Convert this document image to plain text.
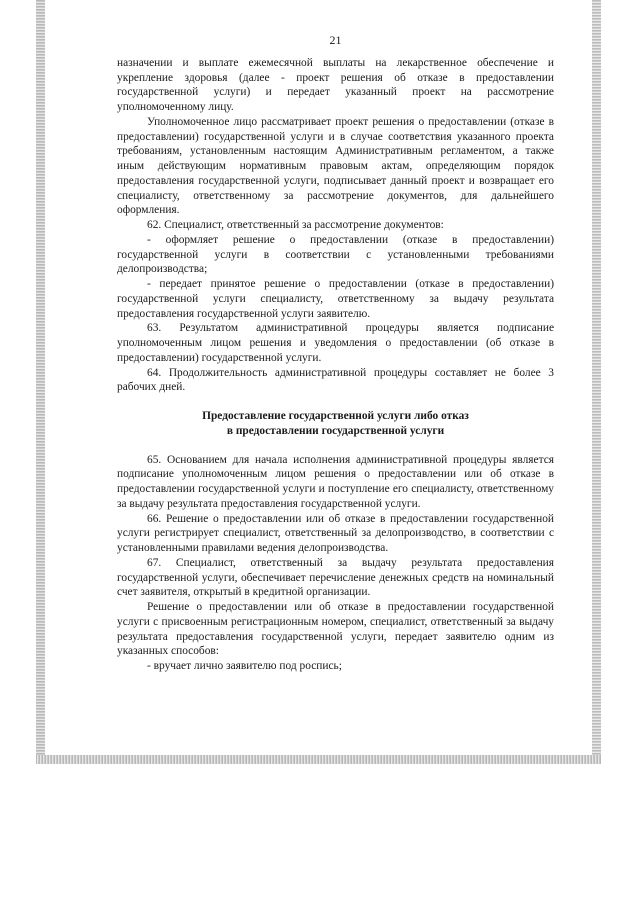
21

назначении и выплате ежемесячной выплаты на лекарственное обеспечение и укрепление здоровья (далее - проект решения об отказе в предоставлении государственной услуги) и передает указанный проект на рассмотрение уполномоченному лицу.

Уполномоченное лицо рассматривает проект решения о предоставлении (отказе в предоставлении) государственной услуги и в случае соответствия указанного проекта требованиям, установленным настоящим Административным регламентом, а также иным действующим нормативным правовым актам, определяющим порядок предоставления государственной услуги, подписывает данный проект и возвращает его специалисту, ответственному за рассмотрение документов, для дальнейшего оформления.

62. Специалист, ответственный за рассмотрение документов:

- оформляет решение о предоставлении (отказе в предоставлении) государственной услуги в соответствии с установленными требованиями делопроизводства;

- передает принятое решение о предоставлении (отказе в предоставлении) государственной услуги специалисту, ответственному за выдачу результата предоставления государственной услуги заявителю.

63. Результатом административной процедуры является подписание уполномоченным лицом решения и уведомления о предоставлении (об отказе в предоставлении) государственной услуги.

64. Продолжительность административной процедуры составляет не более 3 рабочих дней.

Предоставление государственной услуги либо отказ

в предоставлении государственной услуги

65. Основанием для начала исполнения административной процедуры является подписание уполномоченным лицом решения о предоставлении или об отказе в предоставлении государственной услуги и поступление его специалисту, ответственному за выдачу результата предоставления государственной услуги.

66. Решение о предоставлении или об отказе в предоставлении государственной услуги регистрирует специалист, ответственный за делопроизводство, в соответствии с установленными правилами ведения делопроизводства.

67. Специалист, ответственный за выдачу результата предоставления государственной услуги, обеспечивает перечисление денежных средств на номинальный счет заявителя, открытый в кредитной организации.

Решение о предоставлении или об отказе в предоставлении государственной услуги с присвоенным регистрационным номером, специалист, ответственный за выдачу результата предоставления государственной услуги, передает заявителю одним из указанных способов:

- вручает лично заявителю под роспись;
